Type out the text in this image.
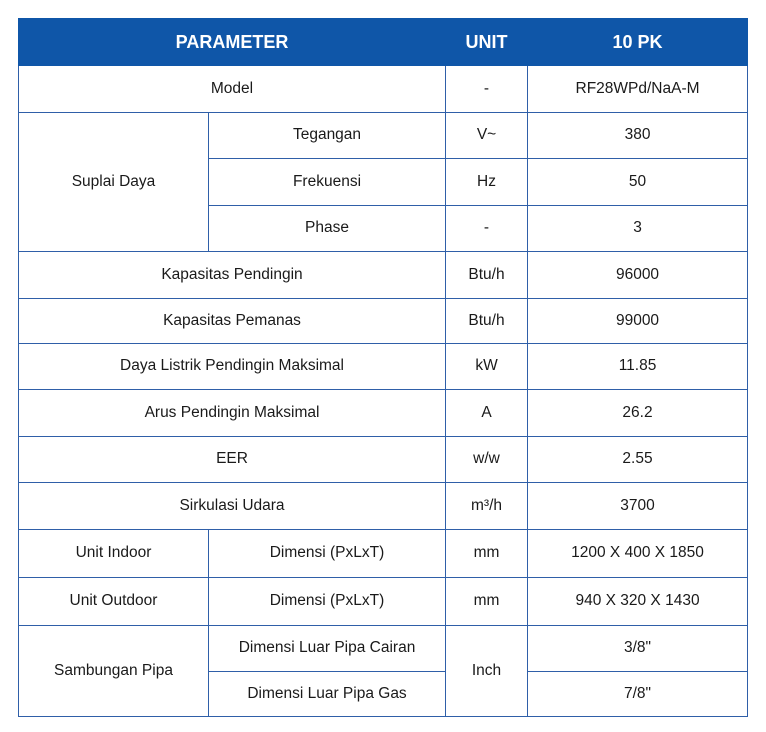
PARAMETER		UNIT	10 PK
Model		-	RF28WPd/NaA-M
Suplai Daya	Tegangan	V~	380
	Frekuensi	Hz	50
	Phase	-	3
Kapasitas Pendingin		Btu/h	96000
Kapasitas Pemanas		Btu/h	99000
Daya Listrik Pendingin Maksimal		kW	11.85
Arus Pendingin Maksimal		A	26.2
EER		w/w	2.55
Sirkulasi Udara		m³/h	3700
Unit Indoor	Dimensi (PxLxT)	mm	1200 X 400 X 1850
Unit Outdoor	Dimensi (PxLxT)	mm	940 X 320 X 1430
Sambungan Pipa	Dimensi Luar Pipa Cairan	Inch	3/8"
	Dimensi Luar Pipa Gas		7/8"
